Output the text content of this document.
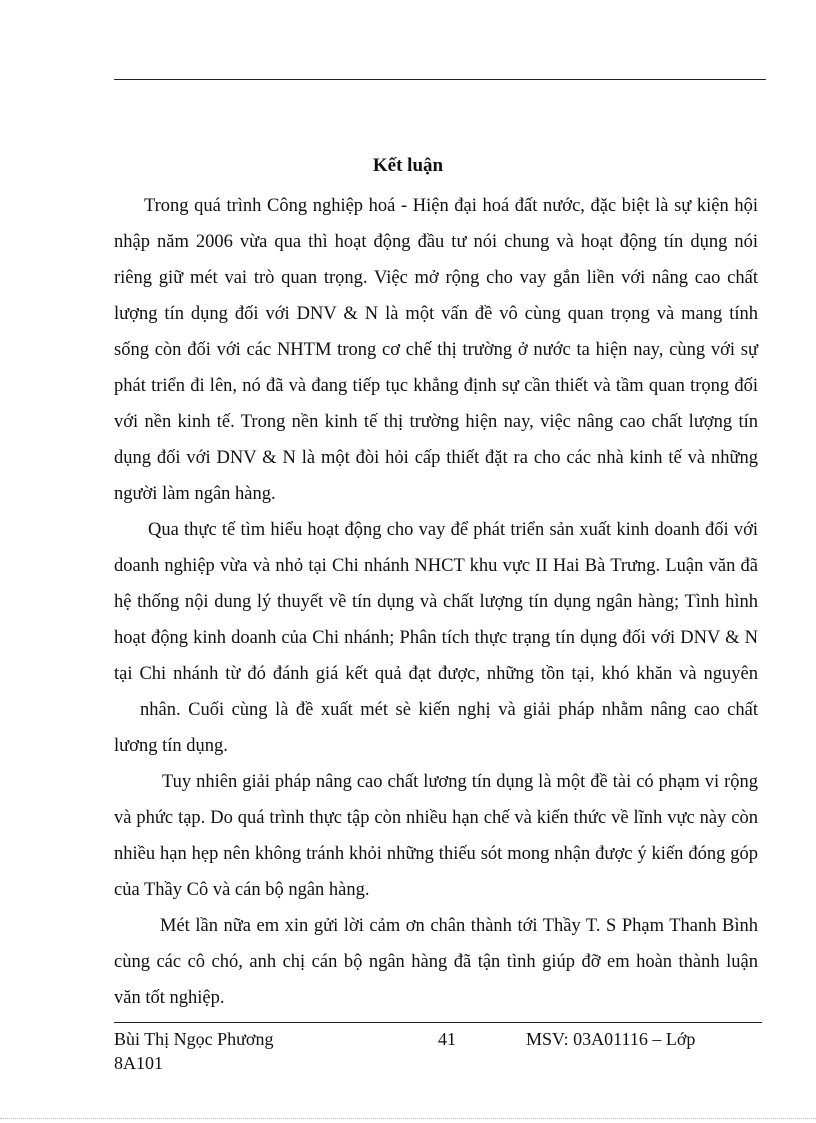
Kết luận
Trong quá trình Công nghiệp hoá - Hiện đại hoá đất nước, đặc biệt là sự kiện hội
nhập năm 2006 vừa qua thì hoạt động đầu tư nói chung và hoạt động tín dụng nói
riêng giữ mét vai trò quan trọng. Việc mở rộng cho vay gắn liền với nâng cao chất
lượng tín dụng đối với DNV & N là một vấn đề vô cùng quan trọng và mang tính
sống còn đối với các NHTM trong cơ chế thị trường ở nước ta hiện nay, cùng với sự
phát triển đi lên, nó đã và đang tiếp tục khẳng định sự cần thiết và tầm quan trọng đối
với nền kinh tế. Trong nền kinh tế thị trường hiện nay, việc nâng cao chất lượng tín
dụng đối với DNV & N là một đòi hỏi cấp thiết đặt ra cho các nhà kinh tế và những
người làm ngân hàng.
Qua thực tế tìm hiểu hoạt động cho vay để phát triển sản xuất kinh doanh đối với
doanh nghiệp vừa và nhỏ tại Chi nhánh NHCT khu vực II Hai Bà Trưng. Luận văn đã
hệ thống nội dung lý thuyết về tín dụng và chất lượng tín dụng ngân hàng; Tình hình
hoạt động kinh doanh của Chi nhánh; Phân tích thực trạng tín dụng đối với DNV & N
tại Chi nhánh từ đó đánh giá kết quả đạt được, những tồn tại, khó khăn và nguyên
nhân. Cuối cùng là đề xuất mét sè kiến nghị và giải pháp nhằm nâng cao chất
lương tín dụng.
Tuy nhiên giải pháp nâng cao chất lương tín dụng là một đề tài có phạm vi rộng
và phức tạp. Do quá trình thực tập còn nhiều hạn chế và kiến thức về lĩnh vực này còn
nhiều hạn hẹp nên không tránh khỏi những thiếu sót mong nhận được ý kiến đóng góp
của Thầy Cô và cán bộ ngân hàng.
Mét lần nữa em xin gửi lời cảm ơn chân thành tới Thầy T. S Phạm Thanh Bình
cùng các cô chó, anh chị cán bộ ngân hàng đã tận tình giúp đỡ em hoàn thành luận
văn tốt nghiệp.
Bùi Thị Ngọc Phương	41	MSV: 03A01116 – Lớp
8A101
